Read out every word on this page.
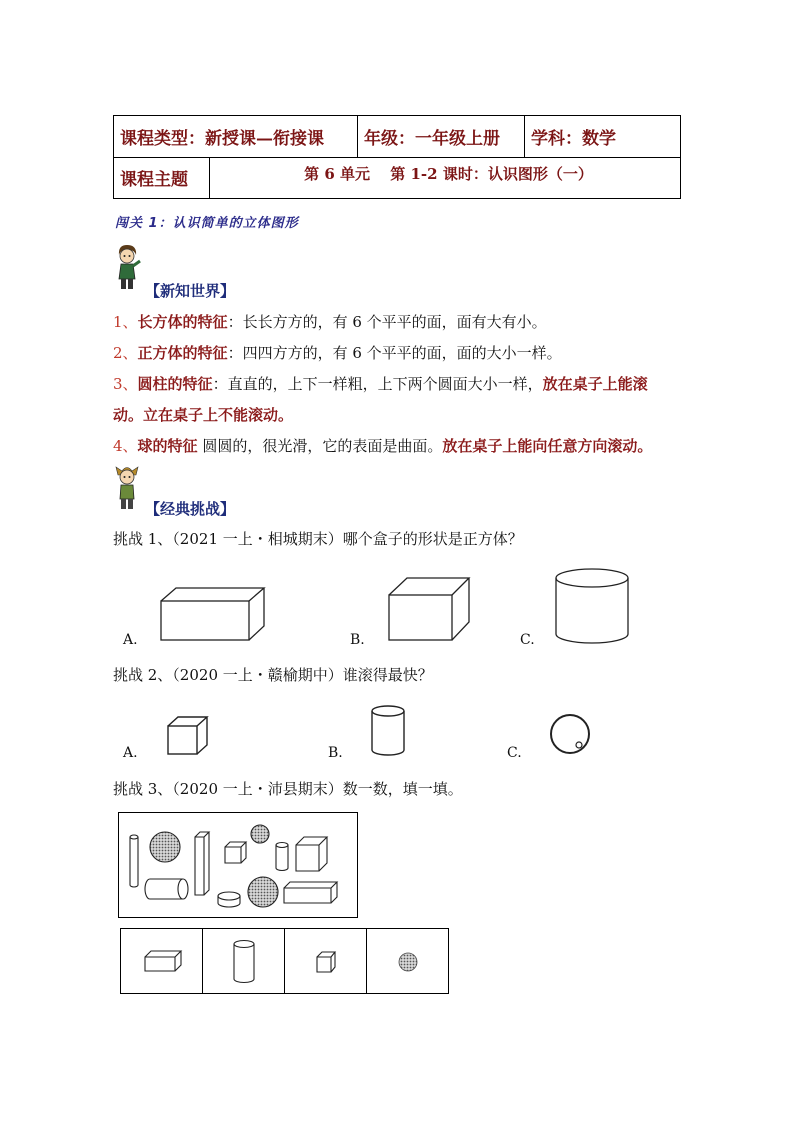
课程类型：新授课—衔接课	年级：一年级上册	学科：数学
课程主题	第 6 单元　 第 1-2 课时：认识图形（一）
闯关 1：认识简单的立体图形
【新知世界】
1、长方体的特征：长长方方的，有 6 个平平的面，面有大有小。
2、正方体的特征：四四方方的，有 6 个平平的面，面的大小一样。
3、圆柱的特征：直直的，上下一样粗，上下两个圆面大小一样，放在桌子上能滚
动。立在桌子上不能滚动。
4、球的特征 圆圆的，很光滑，它的表面是曲面。放在桌子上能向任意方向滚动。
【经典挑战】
挑战 1、（2021 一上・相城期末）哪个盒子的形状是正方体？
A.	B.	C.
挑战 2、（2020 一上・赣榆期中）谁滚得最快？
A.	B.	C.
挑战 3、（2020 一上・沛县期末）数一数，填一填。
